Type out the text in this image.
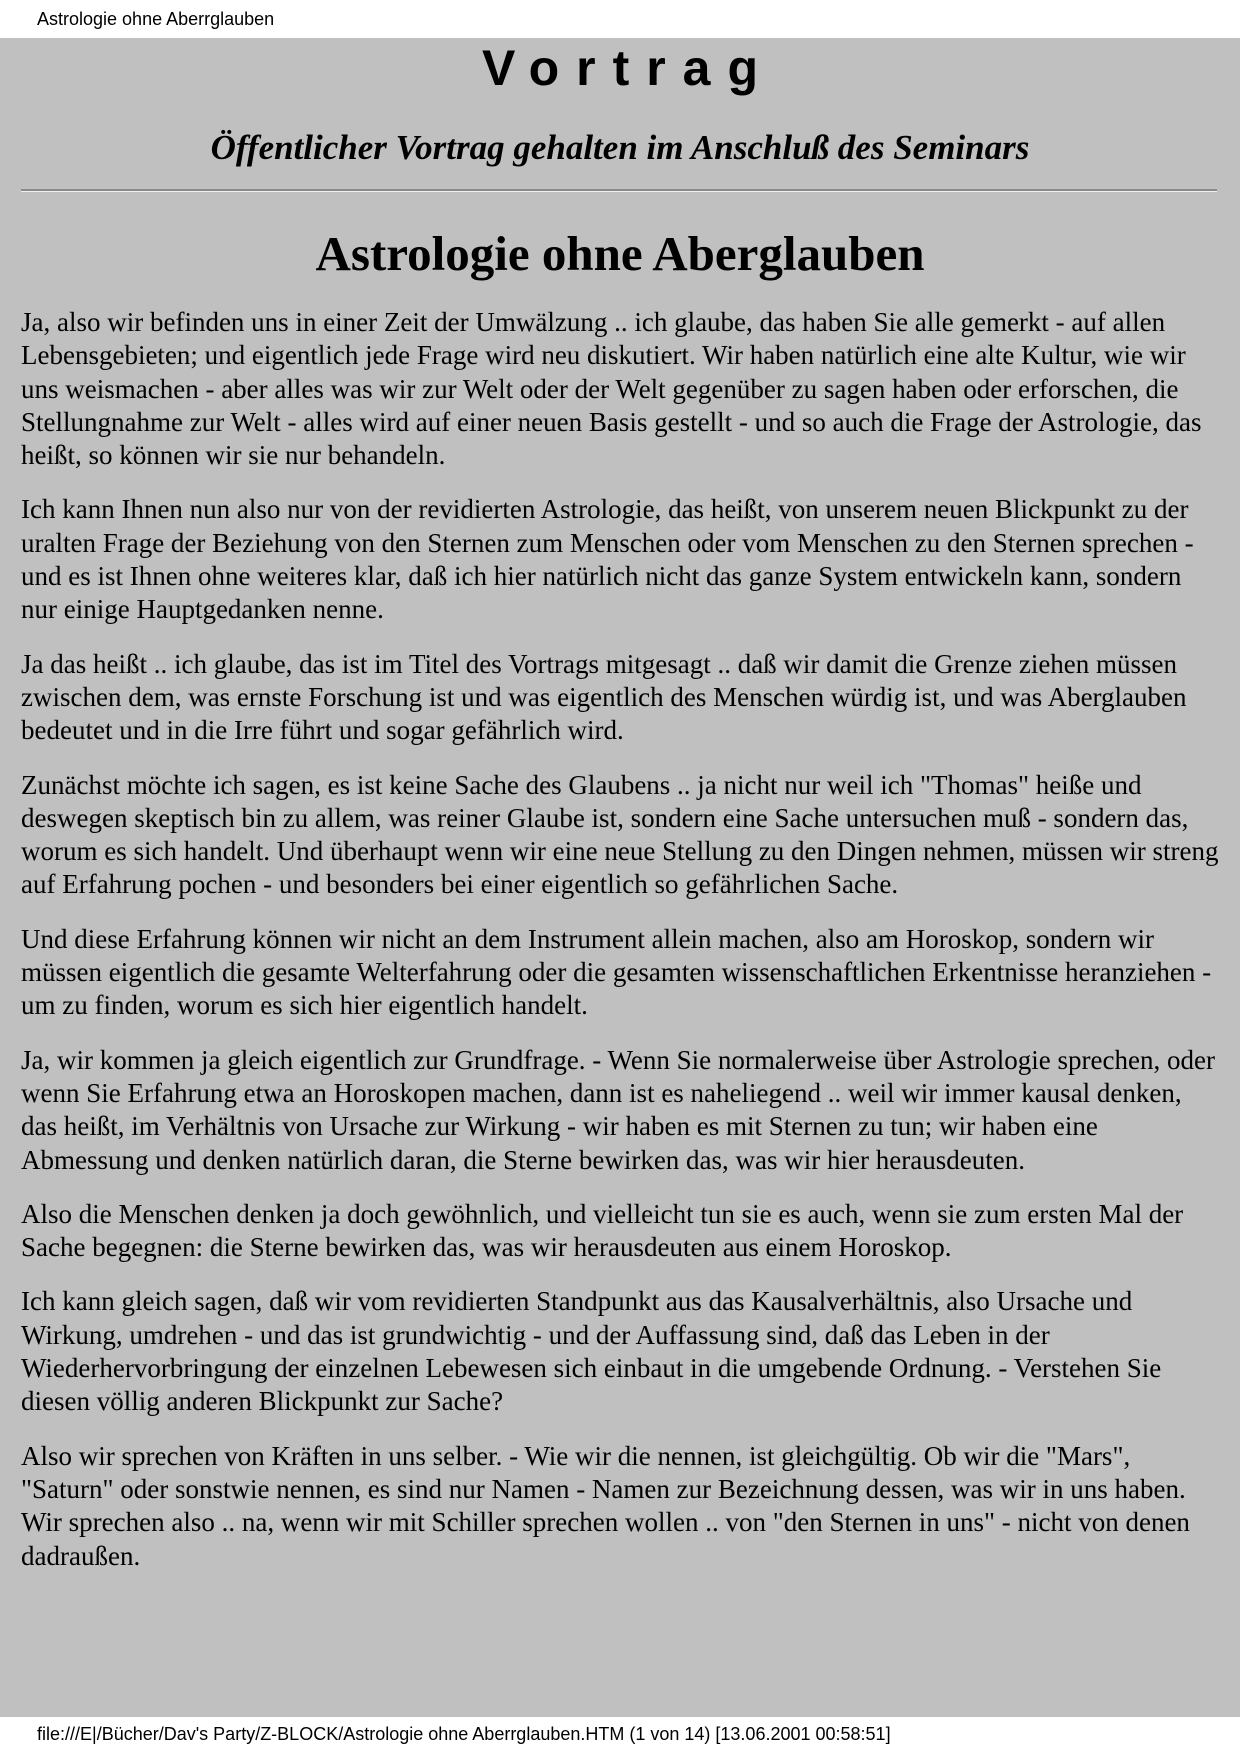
Astrologie ohne Aberrglauben
Vortrag
Öffentlicher Vortrag gehalten im Anschluß des Seminars
Astrologie ohne Aberglauben

Ja, also wir befinden uns in einer Zeit der Umwälzung .. ich glaube, das haben Sie alle gemerkt - auf allen Lebensgebieten; und eigentlich jede Frage wird neu diskutiert. Wir haben natürlich eine alte Kultur, wie wir uns weismachen - aber alles was wir zur Welt oder der Welt gegenüber zu sagen haben oder erforschen, die Stellungnahme zur Welt - alles wird auf einer neuen Basis gestellt - und so auch die Frage der Astrologie, das heißt, so können wir sie nur behandeln.

Ich kann Ihnen nun also nur von der revidierten Astrologie, das heißt, von unserem neuen Blickpunkt zu der uralten Frage der Beziehung von den Sternen zum Menschen oder vom Menschen zu den Sternen sprechen - und es ist Ihnen ohne weiteres klar, daß ich hier natürlich nicht das ganze System entwickeln kann, sondern nur einige Hauptgedanken nenne.

Ja das heißt .. ich glaube, das ist im Titel des Vortrags mitgesagt .. daß wir damit die Grenze ziehen müssen zwischen dem, was ernste Forschung ist und was eigentlich des Menschen würdig ist, und was Aberglauben bedeutet und in die Irre führt und sogar gefährlich wird.

Zunächst möchte ich sagen, es ist keine Sache des Glaubens .. ja nicht nur weil ich "Thomas" heiße und deswegen skeptisch bin zu allem, was reiner Glaube ist, sondern eine Sache untersuchen muß - sondern das, worum es sich handelt. Und überhaupt wenn wir eine neue Stellung zu den Dingen nehmen, müssen wir streng auf Erfahrung pochen - und besonders bei einer eigentlich so gefährlichen Sache.

Und diese Erfahrung können wir nicht an dem Instrument allein machen, also am Horoskop, sondern wir müssen eigentlich die gesamte Welterfahrung oder die gesamten wissenschaftlichen Erkentnisse heranziehen - um zu finden, worum es sich hier eigentlich handelt.

Ja, wir kommen ja gleich eigentlich zur Grundfrage. - Wenn Sie normalerweise über Astrologie sprechen, oder wenn Sie Erfahrung etwa an Horoskopen machen, dann ist es naheliegend .. weil wir immer kausal denken, das heißt, im Verhältnis von Ursache zur Wirkung - wir haben es mit Sternen zu tun; wir haben eine Abmessung und denken natürlich daran, die Sterne bewirken das, was wir hier herausdeuten.

Also die Menschen denken ja doch gewöhnlich, und vielleicht tun sie es auch, wenn sie zum ersten Mal der Sache begegnen: die Sterne bewirken das, was wir herausdeuten aus einem Horoskop.

Ich kann gleich sagen, daß wir vom revidierten Standpunkt aus das Kausalverhältnis, also Ursache und Wirkung, umdrehen - und das ist grundwichtig - und der Auffassung sind, daß das Leben in der Wiederhervorbringung der einzelnen Lebewesen sich einbaut in die umgebende Ordnung. - Verstehen Sie diesen völlig anderen Blickpunkt zur Sache?

Also wir sprechen von Kräften in uns selber. - Wie wir die nennen, ist gleichgültig. Ob wir die "Mars", "Saturn" oder sonstwie nennen, es sind nur Namen - Namen zur Bezeichnung dessen, was wir in uns haben. Wir sprechen also .. na, wenn wir mit Schiller sprechen wollen .. von "den Sternen in uns" - nicht von denen dadraußen.

file:///E|/Bücher/Dav's Party/Z-BLOCK/Astrologie ohne Aberrglauben.HTM (1 von 14) [13.06.2001 00:58:51]
